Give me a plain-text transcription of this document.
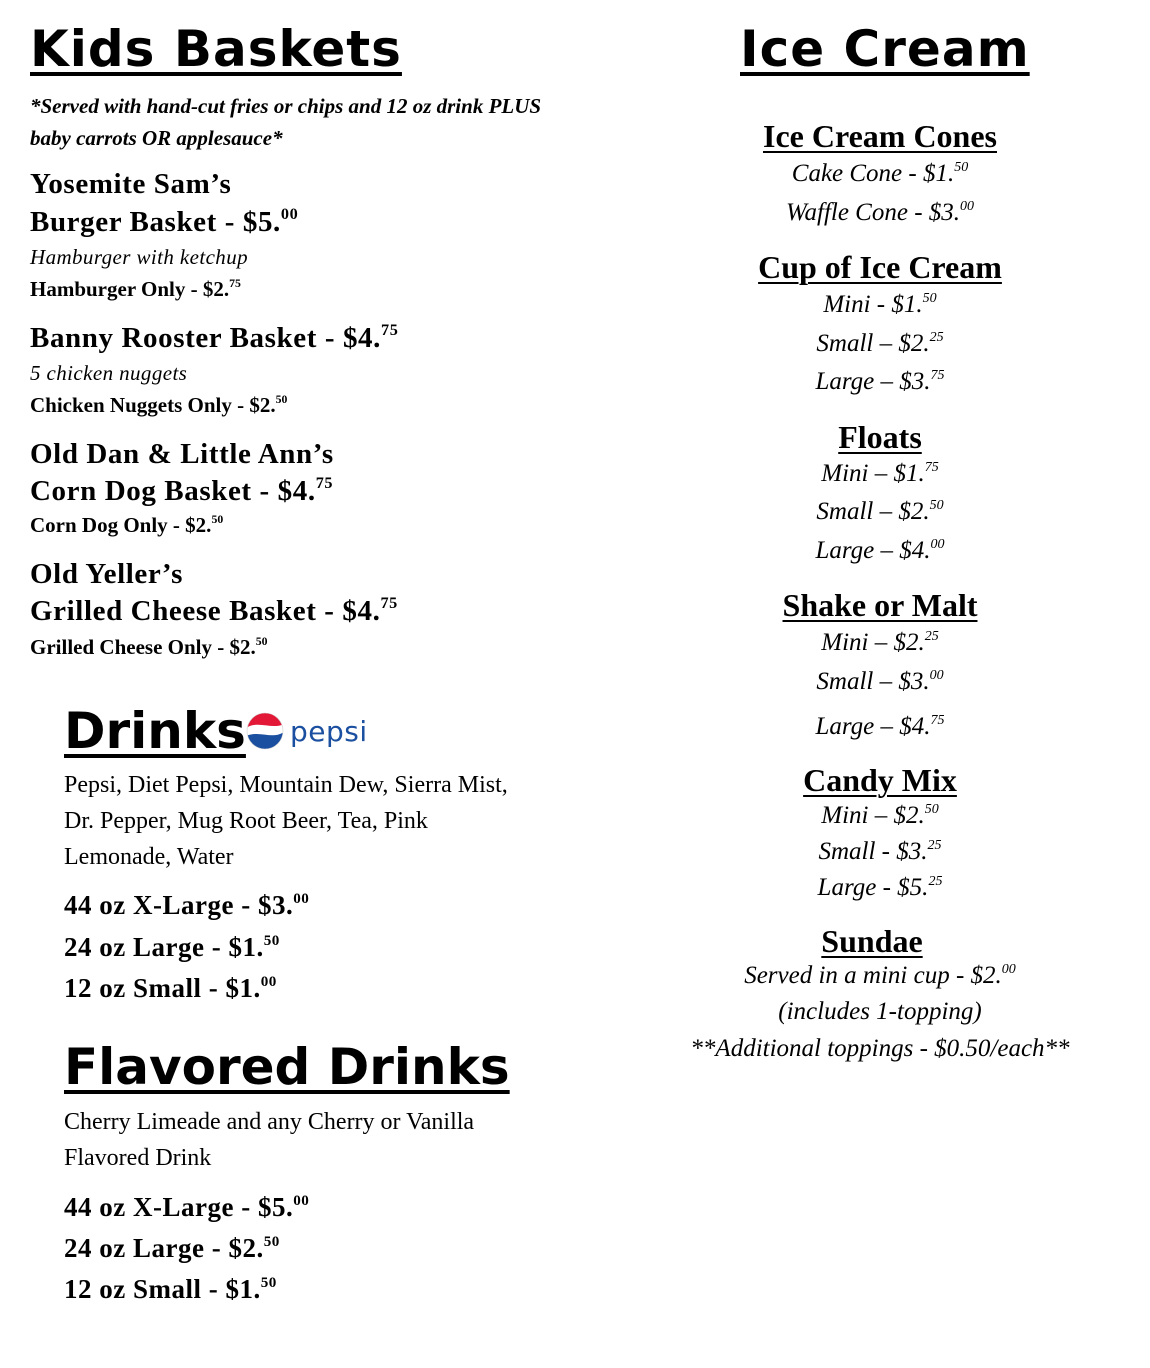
Kids Baskets
*Served with hand-cut fries or chips and 12 oz drink PLUS baby carrots OR applesauce*
Yosemite Sam’s
Burger Basket - $5.00
Hamburger with ketchup
Hamburger Only - $2.75
Banny Rooster Basket - $4.75
5 chicken nuggets
Chicken Nuggets Only - $2.50
Old Dan & Little Ann’s
Corn Dog Basket - $4.75
Corn Dog Only - $2.50
Old Yeller’s
Grilled Cheese Basket - $4.75
Grilled Cheese Only - $2.50
Drinks pepsi
Pepsi, Diet Pepsi, Mountain Dew, Sierra Mist, Dr. Pepper, Mug Root Beer, Tea, Pink Lemonade, Water
44 oz X-Large - $3.00
24 oz Large - $1.50
12 oz Small - $1.00
Flavored Drinks
Cherry Limeade and any Cherry or Vanilla Flavored Drink
44 oz X-Large - $5.00
24 oz Large - $2.50
12 oz Small - $1.50
Ice Cream
Ice Cream Cones
Cake Cone - $1.50
Waffle Cone - $3.00
Cup of Ice Cream
Mini - $1.50
Small – $2.25
Large – $3.75
Floats
Mini – $1.75
Small – $2.50
Large – $4.00
Shake or Malt
Mini – $2.25
Small – $3.00
Large – $4.75
Candy Mix
Mini – $2.50
Small - $3.25
Large - $5.25
Sundae
Served in a mini cup - $2.00
(includes 1-topping)
**Additional toppings - $0.50/each**
